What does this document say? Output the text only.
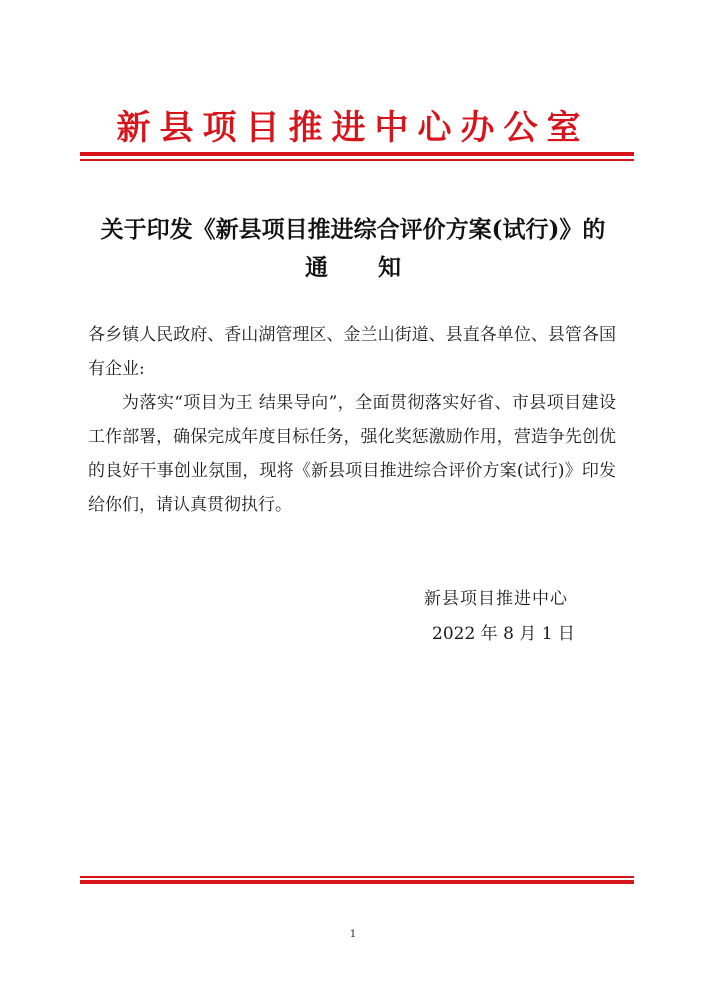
新县项目推进中心办公室
关于印发《新县项目推进综合评价方案(试行)》的
通知
各乡镇人民政府、香山湖管理区、金兰山街道、县直各单位、县管各国有企业:
为落实“项目为王 结果导向”，全面贯彻落实好省、市县项目建设工作部署，确保完成年度目标任务，强化奖惩激励作用，营造争先创优的良好干事创业氛围，现将《新县项目推进综合评价方案(试行)》印发给你们，请认真贯彻执行。
新县项目推进中心
2022 年 8 月 1 日
1
